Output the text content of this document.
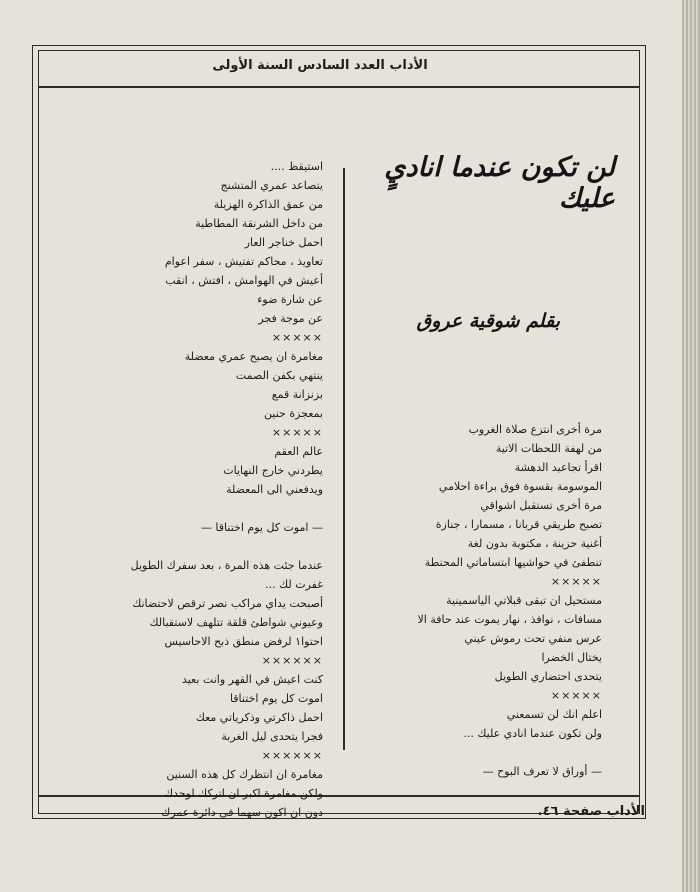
الأداب العدد السادس السنة الأولى
لن تكون عندما اناديٍ عليك
بقلم شوقية عروق
مرة أخرى انتزع صلاة الغروب
من لهفة اللحظات الاتية
اقرأ تجاعيد الدهشة
الموسومة بقسوة فوق براءة احلامي
مرة أخرى تستقبل اشواقي
تصبح طريقي قربانا ، مسمارا ، جنازة
أغنية حزينة ، مكتوبة بدون لغة
تنطفئ في حواشيها ابتساماتي المحنطة
×××××
مستحيل ان تبقى قبلاتي الياسمينية
مسافات ، نوافذ ، نهار يموت عند حافة الا
عرس منفي تحت رموش عيني
يختال الخضرا
يتحدى احتضاري الطويل
×××××
اعلم انك لن تسمعني
ولن تكون عندما انادي عليك ...

— أوراق لا تعرف البوح —
استيقظ ....
يتصاعد عمري المتشنج
من عمق الذاكرة الهزيلة
من داخل الشرنقة المطاطية
احمل خناجر العار
تعاويذ ، محاكم تفتيش ، سفر اعوام
أعيش في الهوامش ، افتش ، انقب
عن شارة ضوء
عن موجة فجر
×××××
مغامرة ان يصبح عمري معضلة
ينتهي بكفن الصمت
بزنزانة قمع
بمعجزة حنين
×××××
عالم العقم
يطردني خارج النهايات
ويدفعني الى المعضلة

— اموت كل يوم اختناقا —

عندما جئت هذه المرة ، بعد سفرك الطويل
غفرت لك ...
أصبحت يداي مراكب نصر ترقص لاحتضانك
وعيوني شواطئ قلقة تتلهف لاستقبالك
احتوا١ لرفض منطق ذبح الاحاسيس
××××××
كنت اعيش في القهر وانت بعيد
اموت كل يوم اختناقا
احمل ذاكرتي وذكرياتي معك
فجرا يتحدى ليل الغربة
××××××
مغامرة ان انتظرك كل هذه السنين
ولكن مغامرة اكبر ان اتركك لوحدك
دون ان اكون سهما في دائرة عمرك	الأداب صفحة ٤٦.
